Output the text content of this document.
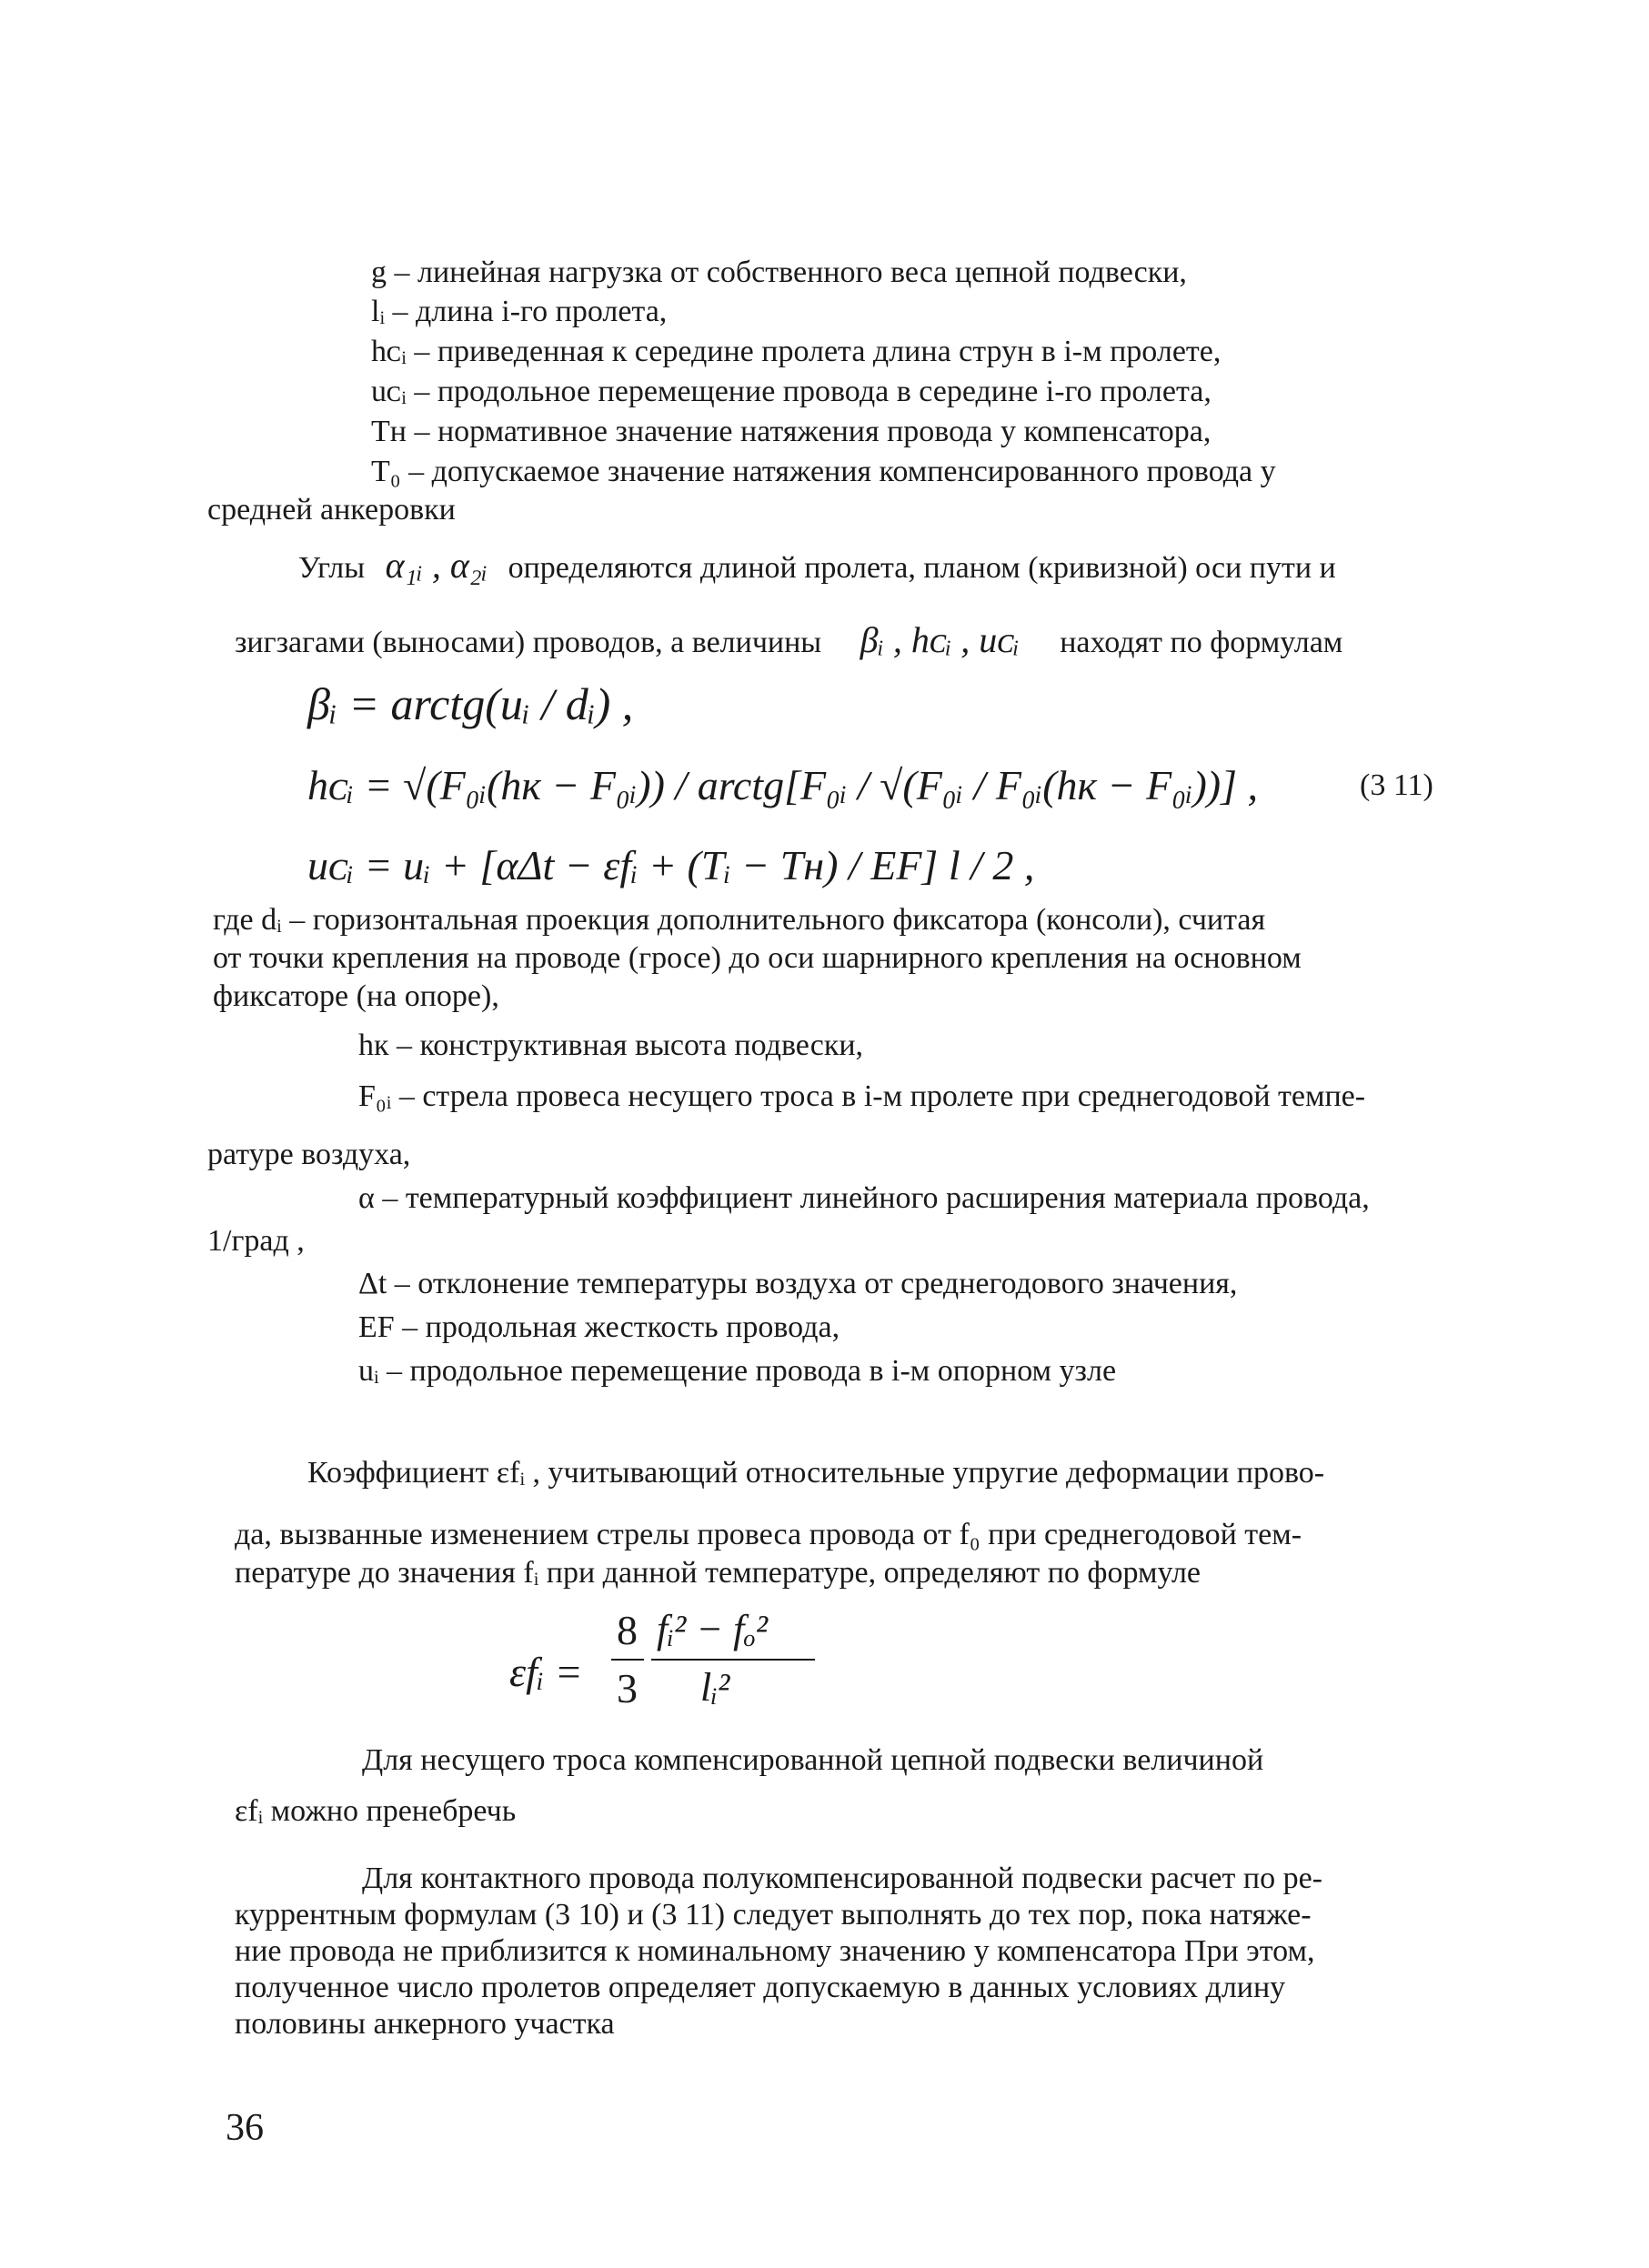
g – линейная нагрузка от собственного веса цепной подвески,
lᵢ – длина i-го пролета,
hᴄᵢ – приведенная к середине пролета длина струн в i-м пролете,
uᴄᵢ – продольное перемещение провода в середине i-го пролета,
Tн – нормативное значение натяжения провода у компенсатора,
T₀ – допускаемое значение натяжения компенсированного провода у
средней анкеровки
Углы α₁ᵢ , α₂ᵢ определяются длиной пролета, планом (кривизной) оси пути и
зигзагами (выносами) проводов, а величины βᵢ , hᴄᵢ , uᴄᵢ находят по формулам
βᵢ = arctg(uᵢ / dᵢ) ,
hᴄᵢ = √(F₀ᵢ(hк − F₀ᵢ)) / arctg[F₀ᵢ / √(F₀ᵢ / F₀ᵢ(hк − F₀ᵢ))] ,	(3 11)
uᴄᵢ = uᵢ + [αΔt − εfᵢ + (Tᵢ − Tн) / EF] l / 2 ,
где dᵢ – горизонтальная проекция дополнительного фиксатора (консоли), считая
от точки крепления на проводе (гросе) до оси шарнирного крепления на основном
фиксаторе (на опоре),
hк – конструктивная высота подвески,
F₀ᵢ – стрела провеса несущего троса в i-м пролете при среднегодовой темпе-
ратуре воздуха,
α – температурный коэффициент линейного расширения материала провода,
1/град ,
Δt – отклонение температуры воздуха от среднегодового значения,
EF – продольная жесткость провода,
uᵢ – продольное перемещение провода в i-м опорном узле
Коэффициент εfᵢ , учитывающий относительные упругие деформации прово-
да, вызванные изменением стрелы провеса провода от f₀ при среднегодовой тем-
пературе до значения fᵢ при данной температуре, определяют по формуле
εfᵢ =
8
3
fᵢ² − fₒ²
lᵢ²
Для несущего троса компенсированной цепной подвески величиной
εfᵢ можно пренебречь
Для контактного провода полукомпенсированной подвески расчет по ре-
куррентным формулам (3 10) и (3 11) следует выполнять до тех пор, пока натяже-
ние провода не приблизится к номинальному значению у компенсатора При этом,
полученное число пролетов определяет допускаемую в данных условиях длину
половины анкерного участка
36
